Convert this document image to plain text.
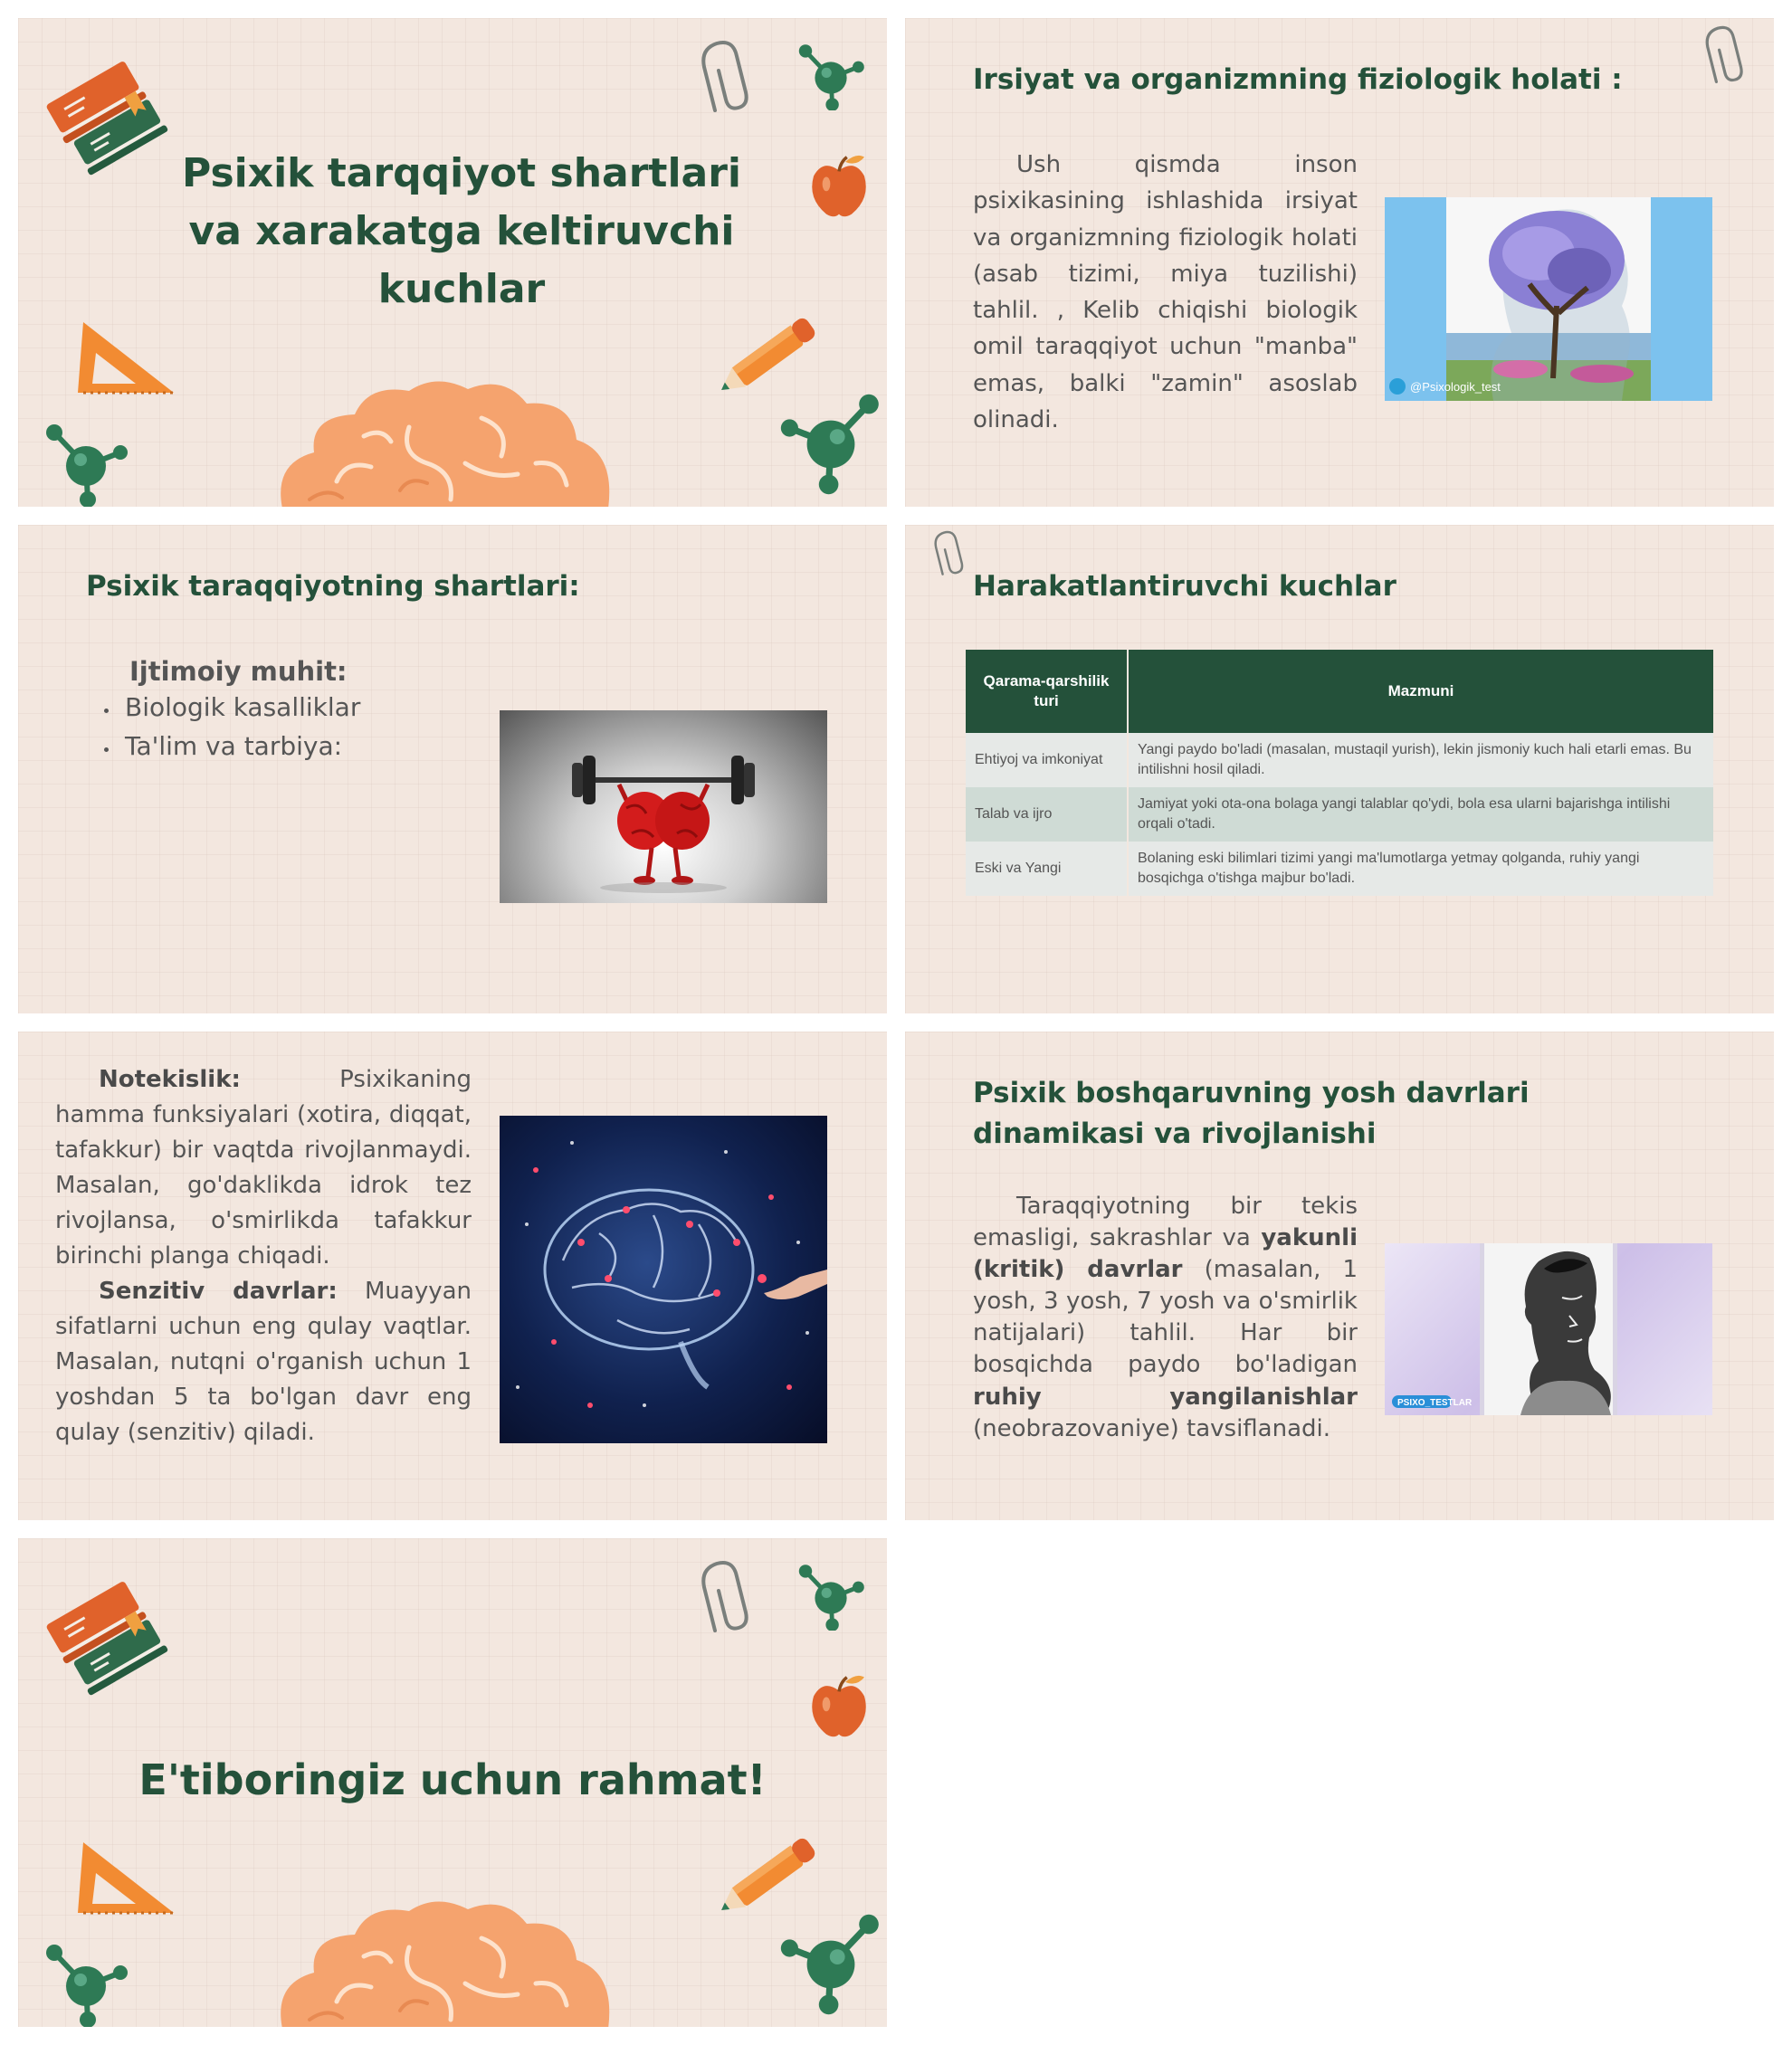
Psixik tarqqiyot shartlari va xarakatga keltiruvchi kuchlar
Irsiyat va organizmning fiziologik holati :

Ush qismda inson psixikasining ishlashida irsiyat va organizmning fiziologik holati (asab tizimi, miya tuzilishi) tahlil. , Kelib chiqishi biologik omil taraqqiyot uchun "manba" emas, balki "zamin" asoslab olinadi.

@Psixologik_test
Psixik taraqqiyotning shartlari:

Ijtimoiy muhit:

• Biologik kasalliklar
• Ta'lim va tarbiya:
Harakatlantiruvchi kuchlar
Qarama-qarshilik turi	Mazmuni
Ehtiyoj va imkoniyat	Yangi paydo bo'ladi (masalan, mustaqil yurish), lekin jismoniy kuch hali etarli emas. Bu intilishni hosil qiladi.
Talab va ijro	Jamiyat yoki ota-ona bolaga yangi talablar qo'ydi, bola esa ularni bajarishga intilishi orqali o'tadi.
Eski va Yangi	Bolaning eski bilimlari tizimi yangi ma'lumotlarga yetmay qolganda, ruhiy yangi bosqichga o'tishga majbur bo'ladi.

Notekislik:	Psixikaning hamma funksiyalari (xotira, diqqat, tafakkur) bir vaqtda rivojlanmaydi. Masalan, go'daklikda idrok tez rivojlansa, o'smirlikda tafakkur birinchi planga chiqadi.
Senzitiv davrlar: Muayyan sifatlarni uchun eng qulay vaqtlar. Masalan, nutqni o'rganish uchun 1 yoshdan 5 ta bo'lgan davr eng qulay (senzitiv) qiladi.

Psixik boshqaruvning yosh davrlari dinamikasi va rivojlanishi

Taraqqiyotning bir tekis emasligi, sakrashlar va yakunli (kritik) davrlar (masalan, 1 yosh, 3 yosh, 7 yosh va o'smirlik natijalari) tahlil. Har bir bosqichda paydo bo'ladigan ruhiy yangilanishlar (neobrazovaniye) tavsiflanadi.

PSIXO_TESTLAR
E'tiboringiz uchun rahmat!
